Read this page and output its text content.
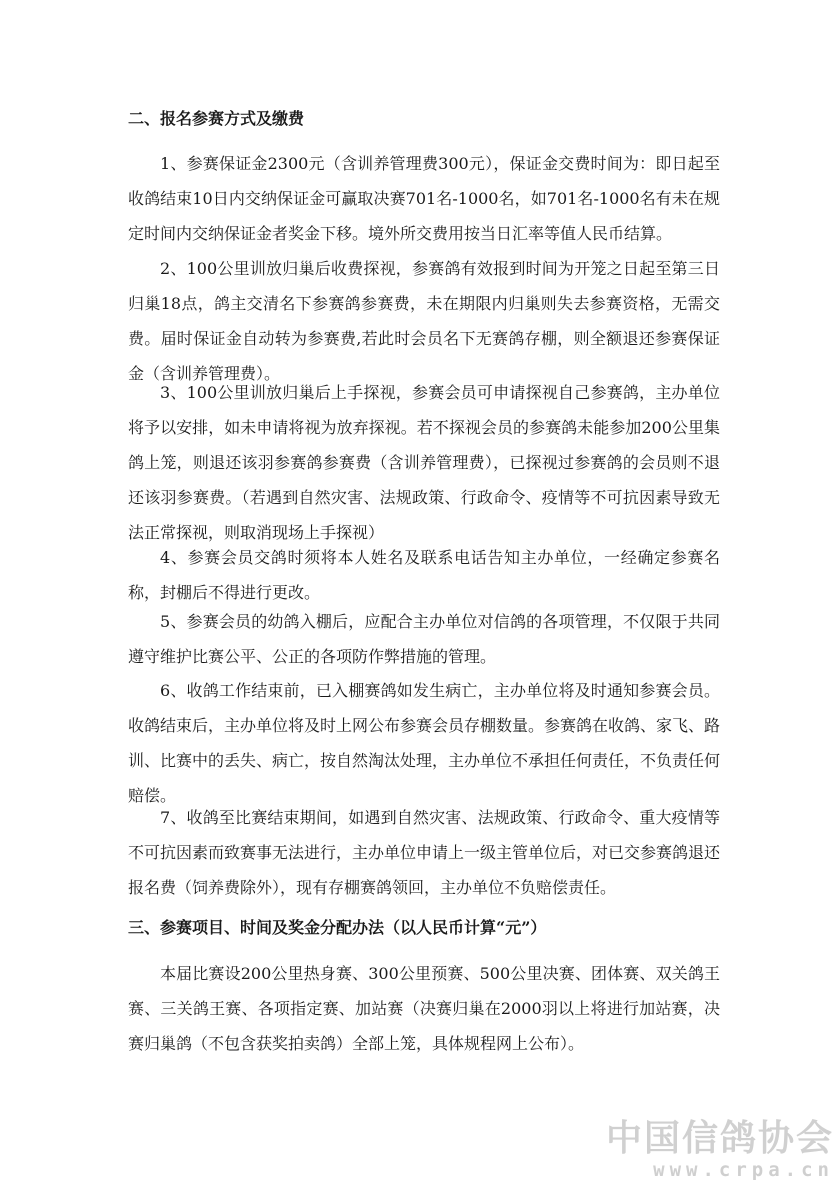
二、报名参赛方式及缴费

1、参赛保证金2300元（含训养管理费300元），保证金交费时间为：即日起至收鸽结束10日内交纳保证金可赢取决赛701名-1000名，如701名-1000名有未在规定时间内交纳保证金者奖金下移。境外所交费用按当日汇率等值人民币结算。

2、100公里训放归巢后收费探视，参赛鸽有效报到时间为开笼之日起至第三日归巢18点，鸽主交清名下参赛鸽参赛费，未在期限内归巢则失去参赛资格，无需交费。届时保证金自动转为参赛费,若此时会员名下无赛鸽存棚，则全额退还参赛保证金（含训养管理费）。

3、100公里训放归巢后上手探视，参赛会员可申请探视自己参赛鸽，主办单位将予以安排，如未申请将视为放弃探视。若不探视会员的参赛鸽未能参加200公里集鸽上笼，则退还该羽参赛鸽参赛费（含训养管理费），已探视过参赛鸽的会员则不退还该羽参赛费。（若遇到自然灾害、法规政策、行政命令、疫情等不可抗因素导致无法正常探视，则取消现场上手探视）

4、参赛会员交鸽时须将本人姓名及联系电话告知主办单位，一经确定参赛名称，封棚后不得进行更改。

5、参赛会员的幼鸽入棚后，应配合主办单位对信鸽的各项管理，不仅限于共同遵守维护比赛公平、公正的各项防作弊措施的管理。

6、收鸽工作结束前，已入棚赛鸽如发生病亡，主办单位将及时通知参赛会员。收鸽结束后，主办单位将及时上网公布参赛会员存棚数量。参赛鸽在收鸽、家飞、路训、比赛中的丢失、病亡，按自然淘汰处理，主办单位不承担任何责任，不负责任何赔偿。

7、收鸽至比赛结束期间，如遇到自然灾害、法规政策、行政命令、重大疫情等不可抗因素而致赛事无法进行，主办单位申请上一级主管单位后，对已交参赛鸽退还报名费（饲养费除外），现有存棚赛鸽领回，主办单位不负赔偿责任。

三、参赛项目、时间及奖金分配办法（以人民币计算“元”）

本届比赛设200公里热身赛、300公里预赛、500公里决赛、团体赛、双关鸽王赛、三关鸽王赛、各项指定赛、加站赛（决赛归巢在2000羽以上将进行加站赛，决赛归巢鸽（不包含获奖拍卖鸽）全部上笼，具体规程网上公布）。

中国信鸽协会
www.crpa.cn
